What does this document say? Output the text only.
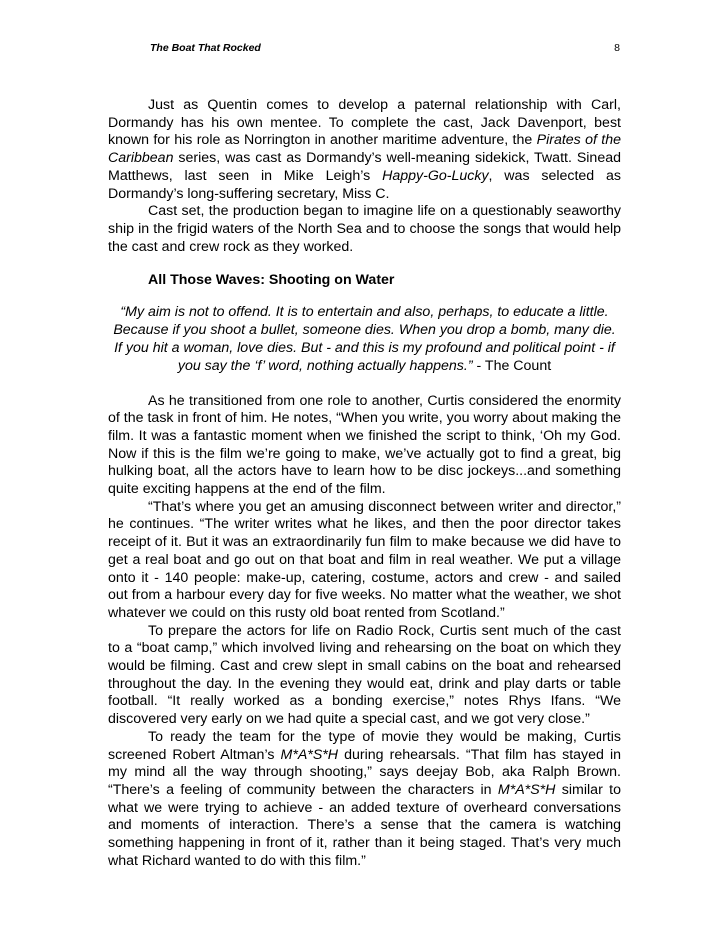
The Boat That Rocked	8

Just as Quentin comes to develop a paternal relationship with Carl, Dormandy has his own mentee. To complete the cast, Jack Davenport, best known for his role as Norrington in another maritime adventure, the Pirates of the Caribbean series, was cast as Dormandy’s well-meaning sidekick, Twatt. Sinead Matthews, last seen in Mike Leigh’s Happy-Go-Lucky, was selected as Dormandy’s long-suffering secretary, Miss C.

Cast set, the production began to imagine life on a questionably seaworthy ship in the frigid waters of the North Sea and to choose the songs that would help the cast and crew rock as they worked.

All Those Waves: Shooting on Water
“My aim is not to offend. It is to entertain and also, perhaps, to educate a little. Because if you shoot a bullet, someone dies. When you drop a bomb, many die. If you hit a woman, love dies. But - and this is my profound and political point - if you say the ‘f’ word, nothing actually happens.” - The Count

As he transitioned from one role to another, Curtis considered the enormity of the task in front of him. He notes, “When you write, you worry about making the film. It was a fantastic moment when we finished the script to think, ‘Oh my God. Now if this is the film we’re going to make, we’ve actually got to find a great, big hulking boat, all the actors have to learn how to be disc jockeys...and something quite exciting happens at the end of the film.

“That’s where you get an amusing disconnect between writer and director,” he continues. “The writer writes what he likes, and then the poor director takes receipt of it. But it was an extraordinarily fun film to make because we did have to get a real boat and go out on that boat and film in real weather. We put a village onto it - 140 people: make-up, catering, costume, actors and crew - and sailed out from a harbour every day for five weeks. No matter what the weather, we shot whatever we could on this rusty old boat rented from Scotland.”

To prepare the actors for life on Radio Rock, Curtis sent much of the cast to a “boat camp,” which involved living and rehearsing on the boat on which they would be filming. Cast and crew slept in small cabins on the boat and rehearsed throughout the day. In the evening they would eat, drink and play darts or table football. “It really worked as a bonding exercise,” notes Rhys Ifans. “We discovered very early on we had quite a special cast, and we got very close.”

To ready the team for the type of movie they would be making, Curtis screened Robert Altman’s M*A*S*H during rehearsals. “That film has stayed in my mind all the way through shooting,” says deejay Bob, aka Ralph Brown. “There’s a feeling of community between the characters in M*A*S*H similar to what we were trying to achieve - an added texture of overheard conversations and moments of interaction. There’s a sense that the camera is watching something happening in front of it, rather than it being staged. That’s very much what Richard wanted to do with this film.”
